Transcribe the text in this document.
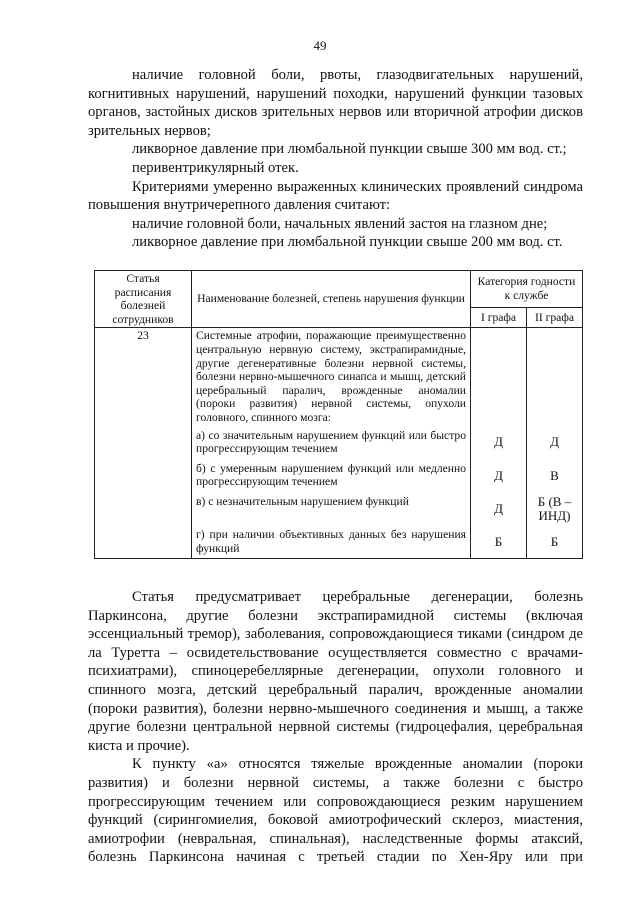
49

наличие головной боли, рвоты, глазодвигательных нарушений, когнитивных нарушений, нарушений походки, нарушений функции тазовых органов, застойных дисков зрительных нервов или вторичной атрофии дисков зрительных нервов;

ликворное давление при люмбальной пункции свыше 300 мм вод. ст.;

перивентрикулярный отек.

Критериями умеренно выраженных клинических проявлений синдрома повышения внутричерепного давления считают:

наличие головной боли, начальных явлений застоя на глазном дне;

ликворное давление при люмбальной пункции свыше 200 мм вод. ст.

Статья расписания болезней сотрудников	Наименование болезней, степень нарушения функции	Категория годности к службе	
		I графа	II графа
23	Системные атрофии, поражающие преимущественно центральную нервную систему, экстрапирамидные, другие дегенеративные болезни нервной системы, болезни нервно-мышечного синапса и мышц, детский церебральный паралич, врожденные аномалии (пороки развития) нервной системы, опухоли головного, спинного мозга:		
	а) со значительным нарушением функций или быстро прогрессирующим течением	Д	Д
	б) с умеренным нарушением функций или медленно прогрессирующим течением	Д	В
	в) с незначительным нарушением функций	Д	Б (В – ИНД)
	г) при наличии объективных данных без нарушения функций	Б	Б

Статья предусматривает церебральные дегенерации, болезнь Паркинсона, другие болезни экстрапирамидной системы (включая эссенциальный тремор), заболевания, сопровождающиеся тиками (синдром де ла Туретта – освидетельствование осуществляется совместно с врачами-психиатрами), спиноцеребеллярные дегенерации, опухоли головного и спинного мозга, детский церебральный паралич, врожденные аномалии (пороки развития), болезни нервно-мышечного соединения и мышц, а также другие болезни центральной нервной системы (гидроцефалия, церебральная киста и прочие).

К пункту «а» относятся тяжелые врожденные аномалии (пороки развития) и болезни нервной системы, а также болезни с быстро прогрессирующим течением или сопровождающиеся резким нарушением функций (сирингомиелия, боковой амиотрофический склероз, миастения, амиотрофии (невральная, спинальная), наследственные формы атаксий, болезнь Паркинсона начиная с третьей стадии по Хен-Яру или при
